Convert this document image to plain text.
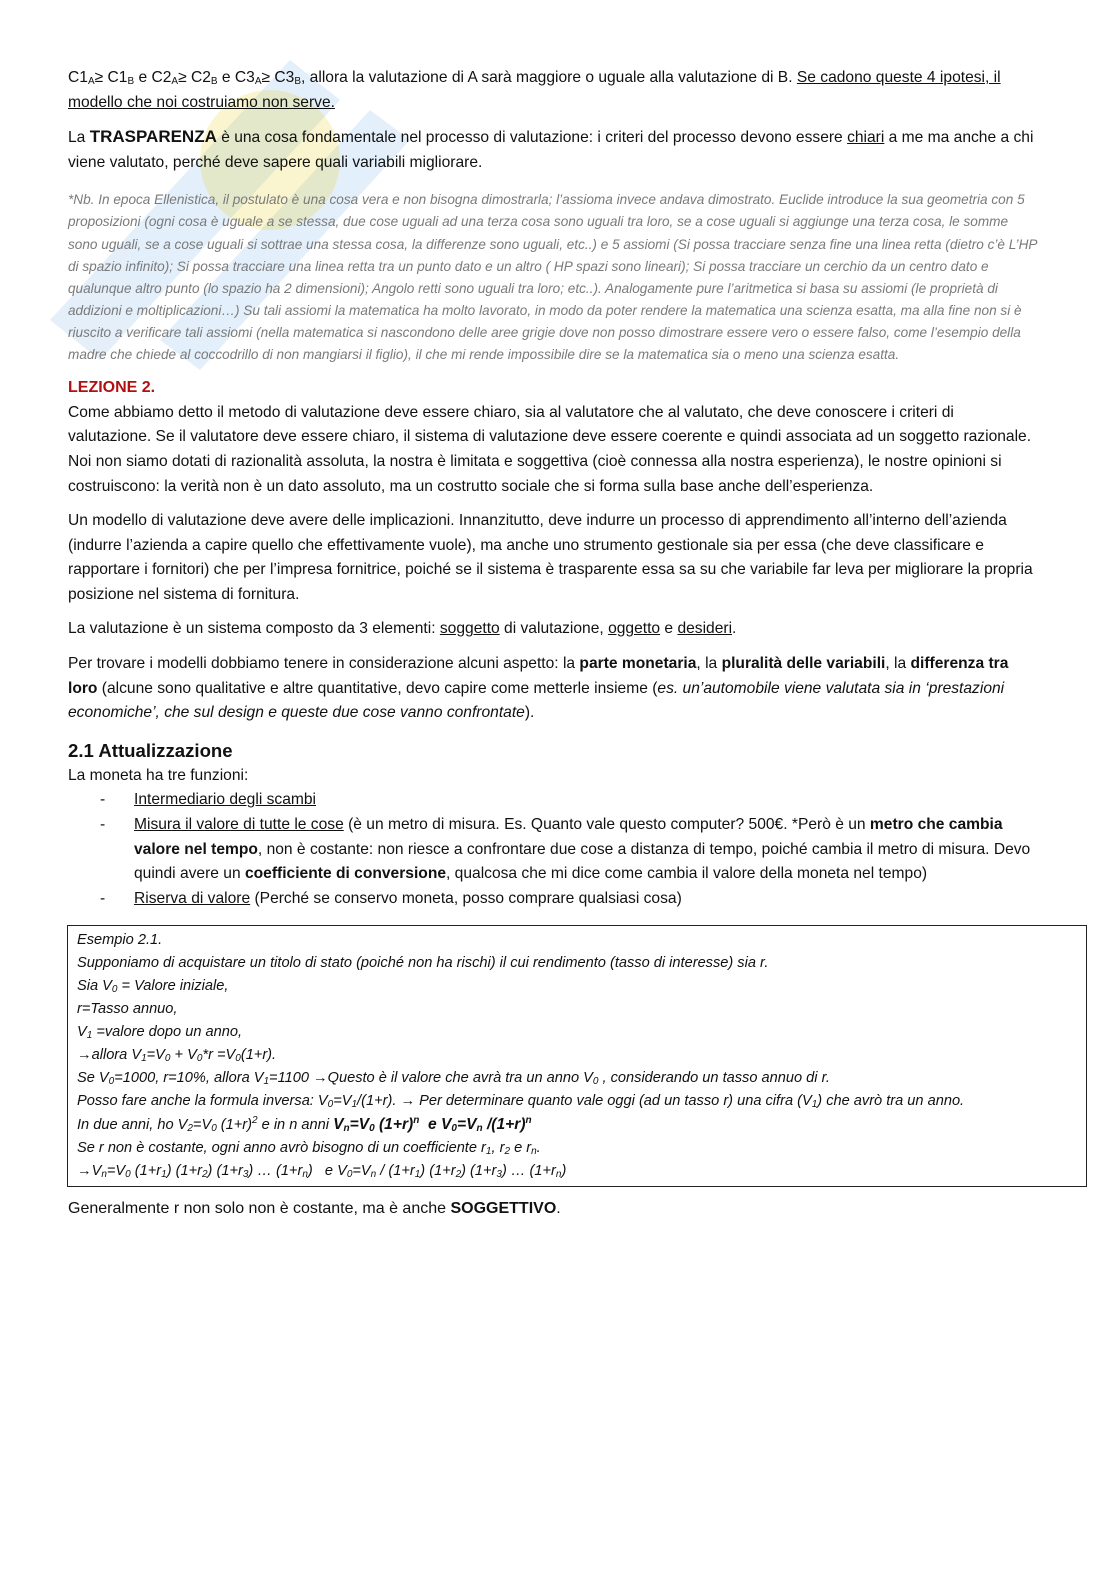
$C1_A\ge C1_B$ e $C2_A\ge C2_B$ e $C3_A\ge C3_B$, allora la valutazione di A sarà maggiore o uguale alla valutazione di B. Se cadono queste 4 ipotesi, il modello che noi costruiamo non serve.

La TRASPARENZA è una cosa fondamentale nel processo di valutazione: i criteri del processo devono essere chiari a me ma anche a chi viene valutato, perché deve sapere quali variabili migliorare.

*Nb. In epoca Ellenistica, il postulato è una cosa vera e non bisogna dimostrarla; l’assioma invece andava dimostrato. Euclide introduce la sua geometria con 5 proposizioni (ogni cosa è uguale a se stessa, due cose uguali ad una terza cosa sono uguali tra loro, se a cose uguali si aggiunge una terza cosa, le somme sono uguali, se a cose uguali si sottrae una stessa cosa, la differenze sono uguali, etc..) e 5 assiomi (Si possa tracciare senza fine una linea retta (dietro c’è L’HP di spazio infinito); Si possa tracciare una linea retta tra un punto dato e un altro ( HP spazi sono lineari); Si possa tracciare un cerchio da un centro dato e qualunque altro punto (lo spazio ha 2 dimensioni); Angolo retti sono uguali tra loro; etc..). Analogamente pure l’aritmetica si basa su assiomi (le proprietà di addizioni e moltiplicazioni…) Su tali assiomi la matematica ha molto lavorato, in modo da poter rendere la matematica una scienza esatta, ma alla fine non si è riuscito a verificare tali assiomi (nella matematica si nascondono delle aree grigie dove non posso dimostrare essere vero o essere falso, come l’esempio della madre che chiede al coccodrillo di non mangiarsi il figlio), il che mi rende impossibile dire se la matematica sia o meno una scienza esatta.

LEZIONE 2.

Come abbiamo detto il metodo di valutazione deve essere chiaro, sia al valutatore che al valutato, che deve conoscere i criteri di valutazione. Se il valutatore deve essere chiaro, il sistema di valutazione deve essere coerente e quindi associata ad un soggetto razionale. Noi non siamo dotati di razionalità assoluta, la nostra è limitata e soggettiva (cioè connessa alla nostra esperienza), le nostre opinioni si costruiscono: la verità non è un dato assoluto, ma un costrutto sociale che si forma sulla base anche dell’esperienza.

Un modello di valutazione deve avere delle implicazioni. Innanzitutto, deve indurre un processo di apprendimento all’interno dell’azienda (indurre l’azienda a capire quello che effettivamente vuole), ma anche uno strumento gestionale sia per essa (che deve classificare e rapportare i fornitori) che per l’impresa fornitrice, poiché se il sistema è trasparente essa sa su che variabile far leva per migliorare la propria posizione nel sistema di fornitura.

La valutazione è un sistema composto da 3 elementi: soggetto di valutazione, oggetto e desideri.

Per trovare i modelli dobbiamo tenere in considerazione alcuni aspetto: la parte monetaria, la pluralità delle variabili, la differenza tra loro (alcune sono qualitative e altre quantitative, devo capire come metterle insieme (es. un’automobile viene valutata sia in ‘prestazioni economiche’, che sul design e queste due cose vanno confrontate).

2.1 Attualizzazione

La moneta ha tre funzioni:

- Intermediario degli scambi
- Misura il valore di tutte le cose (è un metro di misura. Es. Quanto vale questo computer? 500€. *Però è un metro che cambia valore nel tempo, non è costante: non riesce a confrontare due cose a distanza di tempo, poiché cambia il metro di misura. Devo quindi avere un coefficiente di conversione, qualcosa che mi dice come cambia il valore della moneta nel tempo)
- Riserva di valore (Perché se conservo moneta, posso comprare qualsiasi cosa)
Esempio 2.1.
Supponiamo di acquistare un titolo di stato (poiché non ha rischi) il cui rendimento (tasso di interesse) sia r.
Sia $V_0$ = Valore iniziale,
r=Tasso annuo,
$V_1$ =valore dopo un anno,
→allora $V_1=V_0 + V_0*r =V_0(1+r)$.
Se $V_0=1000$, r=10%, allora $V_1=1100$ →Questo è il valore che avrà tra un anno $V_0$ , considerando un tasso annuo di r.
Posso fare anche la formula inversa: $V_0=V_1/(1+r)$. → Per determinare quanto vale oggi (ad un tasso r) una cifra $(V_1)$ che avrò tra un anno.
In due anni, ho $V_2=V_0$ $(1+r)^2$ e in n anni $V_n=V_0$ $(1+r)^n$  e $V_0=V_n$ $/(1+r)^n$
Se r non è costante, ogni anno avrò bisogno di un coefficiente $r_1$, $r_2$ e $r_n$.
$\to V_n=V_0$ $(1+r_1)$ $(1+r_2)$ $(1+r_3)$ … $(1+r_n)$   e $V_0=V_n / (1+r_1)$ $(1+r_2)$ $(1+r_3)$ … $(1+r_n)$

Generalmente r non solo non è costante, ma è anche SOGGETTIVO.
